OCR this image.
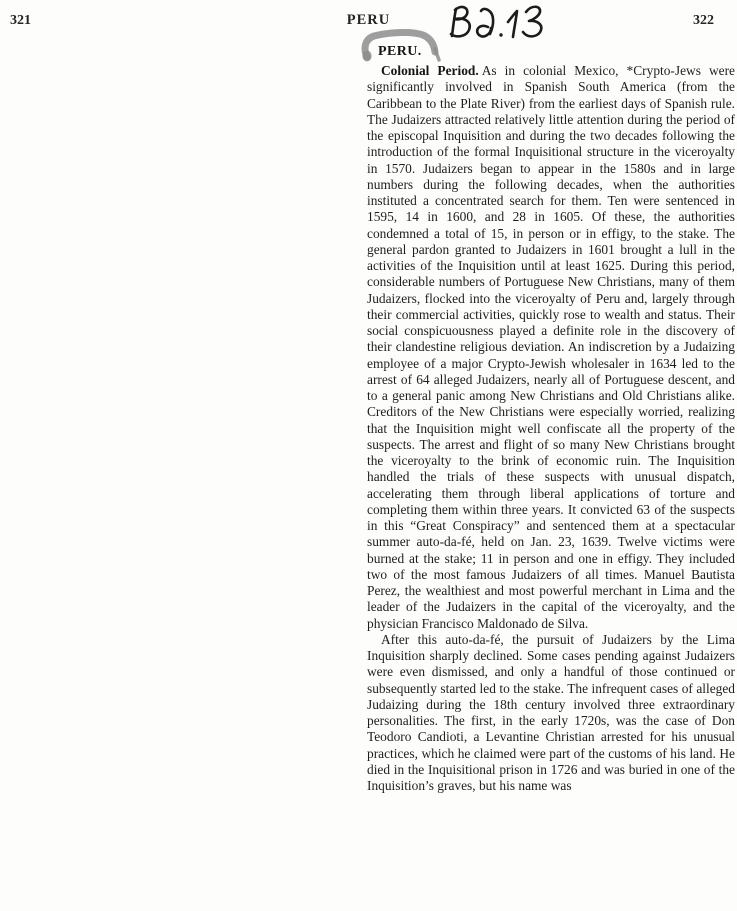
321	PERU	322
PERU.

Colonial Period. As in colonial Mexico, *Crypto-Jews were significantly involved in Spanish South America (from the Caribbean to the Plate River) from the earliest days of Spanish rule. The Judaizers attracted relatively little attention during the period of the episcopal Inquisition and during the two decades following the introduction of the formal Inquisitional structure in the viceroyalty in 1570. Judaizers began to appear in the 1580s and in large numbers during the following decades, when the authorities instituted a concentrated search for them. Ten were sentenced in 1595, 14 in 1600, and 28 in 1605. Of these, the authorities condemned a total of 15, in person or in effigy, to the stake. The general pardon granted to Judaizers in 1601 brought a lull in the activities of the Inquisition until at least 1625. During this period, considerable numbers of Portuguese New Christians, many of them Judaizers, flocked into the viceroyalty of Peru and, largely through their commercial activities, quickly rose to wealth and status. Their social conspicuousness played a definite role in the discovery of their clandestine religious deviation. An indiscretion by a Judaizing employee of a major Crypto-Jewish wholesaler in 1634 led to the arrest of 64 alleged Judaizers, nearly all of Portuguese descent, and to a general panic among New Christians and Old Christians alike. Creditors of the New Christians were especially worried, realizing that the Inquisition might well confiscate all the property of the suspects. The arrest and flight of so many New Christians brought the viceroyalty to the brink of economic ruin. The Inquisition handled the trials of these suspects with unusual dispatch, accelerating them through liberal applications of torture and completing them within three years. It convicted 63 of the suspects in this “Great Conspiracy” and sentenced them at a spectacular summer auto-da-fé, held on Jan. 23, 1639. Twelve victims were burned at the stake; 11 in person and one in effigy. They included two of the most famous Judaizers of all times. Manuel Bautista Perez, the wealthiest and most powerful merchant in Lima and the leader of the Judaizers in the capital of the viceroyalty, and the physician Francisco Maldonado de Silva.

After this auto-da-fé, the pursuit of Judaizers by the Lima Inquisition sharply declined. Some cases pending against Judaizers were even dismissed, and only a handful of those continued or subsequently started led to the stake. The infrequent cases of alleged Judaizing during the 18th century involved three extraordinary personalities. The first, in the early 1720s, was the case of Don Teodoro Candioti, a Levantine Christian arrested for his unusual practices, which he claimed were part of the customs of his land. He died in the Inquisitional prison in 1726 and was buried in one of the Inquisition’s graves, but his name was
